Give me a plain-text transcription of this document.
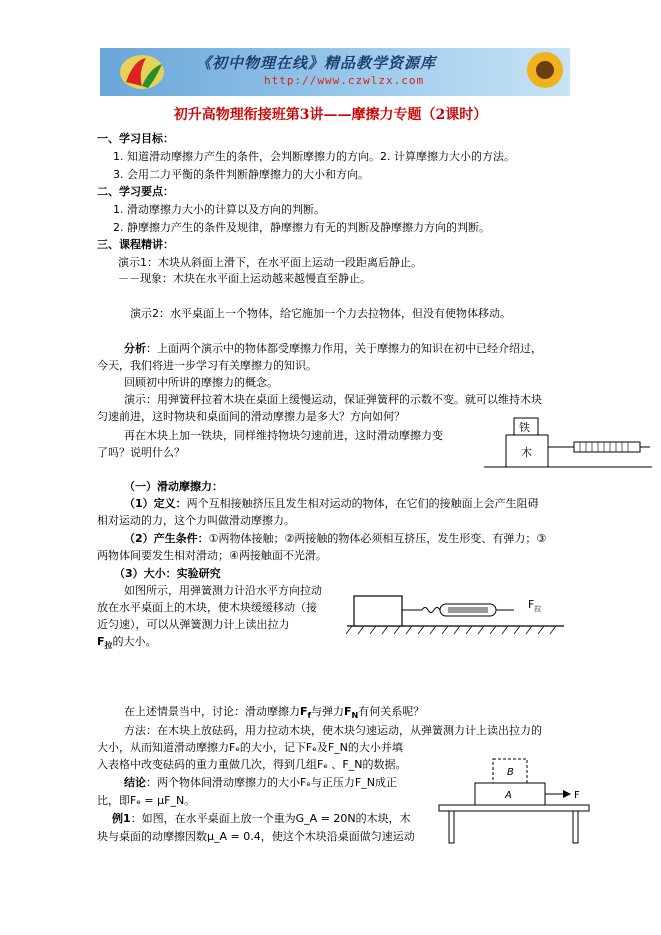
《初中物理在线》精品教学资源库
http://www.czwlzx.com
初升高物理衔接班第3讲——摩擦力专题（2课时）
一、学习目标：
1. 知道滑动摩擦力产生的条件，会判断摩擦力的方向。2. 计算摩擦力大小的方法。
3. 会用二力平衡的条件判断静摩擦力的大小和方向。
二、学习要点：
1. 滑动摩擦力大小的计算以及方向的判断。
2. 静摩擦力产生的条件及规律，静摩擦力有无的判断及静摩擦力方向的判断。
三、课程精讲：
演示1：木块从斜面上滑下，在水平面上运动一段距离后静止。
－－现象：木块在水平面上运动越来越慢直至静止。
演示2：水平桌面上一个物体，给它施加一个力去拉物体，但没有使物体移动。
分析：上面两个演示中的物体都受摩擦力作用，关于摩擦力的知识在初中已经介绍过，
今天，我们将进一步学习有关摩擦力的知识。
回顾初中所讲的摩擦力的概念。
演示：用弹簧秤拉着木块在桌面上缓慢运动，保证弹簧秤的示数不变。就可以维持木块
匀速前进，这时物块和桌面间的滑动摩擦力是多大？方向如何？
再在木块上加一铁块，同样维持物块匀速前进，这时滑动摩擦力变
了吗？说明什么？
铁
木
（一）滑动摩擦力：
（1）定义：两个互相接触挤压且发生相对运动的物体，在它们的接触面上会产生阻碍
相对运动的力，这个力叫做滑动摩擦力。
（2）产生条件：①两物体接触；②两接触的物体必须相互挤压，发生形变、有弹力；③
两物体间要发生相对滑动；④两接触面不光滑。
（3）大小：实验研究
如图所示，用弹簧测力计沿水平方向拉动
放在水平桌面上的木块，使木块缓缓移动（接
近匀速），可以从弹簧测力计上读出拉力
$F_拉$的大小。
$F_拉$
在上述情景当中，讨论：滑动摩擦力$F_f$与弹力$F_N$有何关系呢？
方法：在木块上放砝码，用力拉动木块，使木块匀速运动，从弹簧测力计上读出拉力的
大小，从而知道滑动摩擦力Fₑ的大小，记下Fₑ及F_N的大小并填
入表格中改变砝码的重力重做几次，得到几组Fₑ 、F_N的数据。
结论：两个物体间滑动摩擦力的大小Fₑ与正压力F_N成正
比，即Fₑ = μF_N。
例1：如图，在水平桌面上放一个重为G_A = 20N的木块，木
块与桌面的动摩擦因数μ_A = 0.4，使这个木块沿桌面做匀速运动
B
A	F
